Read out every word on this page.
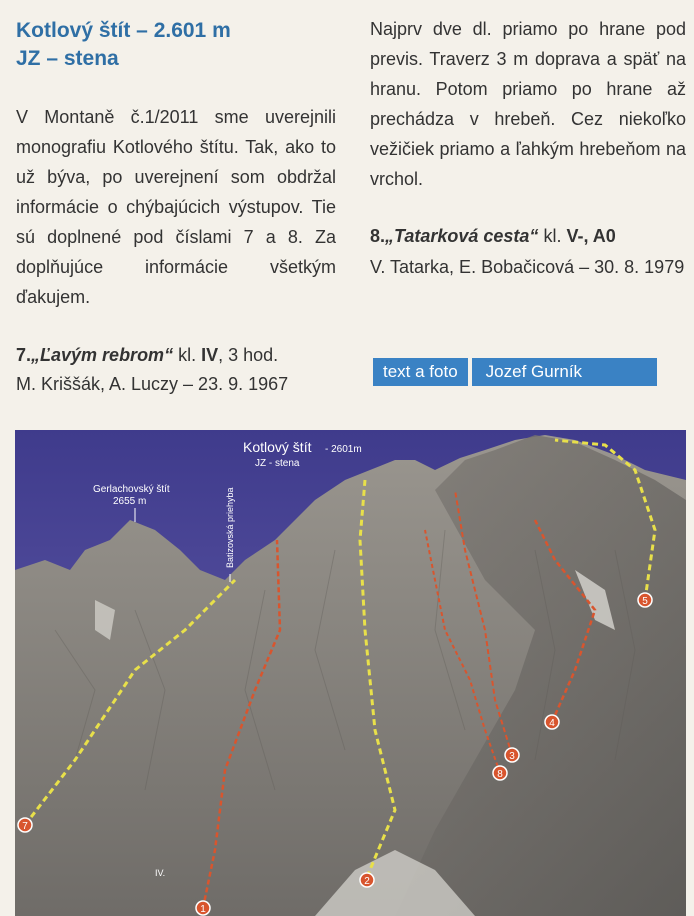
Kotlový štít – 2.601 m
JZ – stena

V Montaně č.1/2011 sme uverejnili monografiu Kotlového štítu. Tak, ako to už býva, po uverejnení som obdržal informácie o chýbajúcich výstupov. Tie sú doplnené pod číslami 7 a 8. Za doplňujúce informácie všetkým ďakujem.

7.„Ľavým rebrom“ kl. IV, 3 hod.

M. Kriššák, A. Luczy – 23. 9. 1967

Najprv dve dl. priamo po hrane pod previs. Traverz 3 m doprava a späť na hranu. Potom priamo po hrane až prechádza v hrebeň. Cez niekoľko vežičiek priamo a ľahkým hrebeňom na vrchol.

8.„Tatarková cesta“ kl. V-, A0

V. Tatarka, E. Bobačicová – 30. 8. 1979

text a foto	Jozef Gurník
Kotlový štít - 2601m
JZ - stena
Gerlachovský štít
2655 m	Batizovská priehyba
IV.
7
1
2
3
8
4
5
